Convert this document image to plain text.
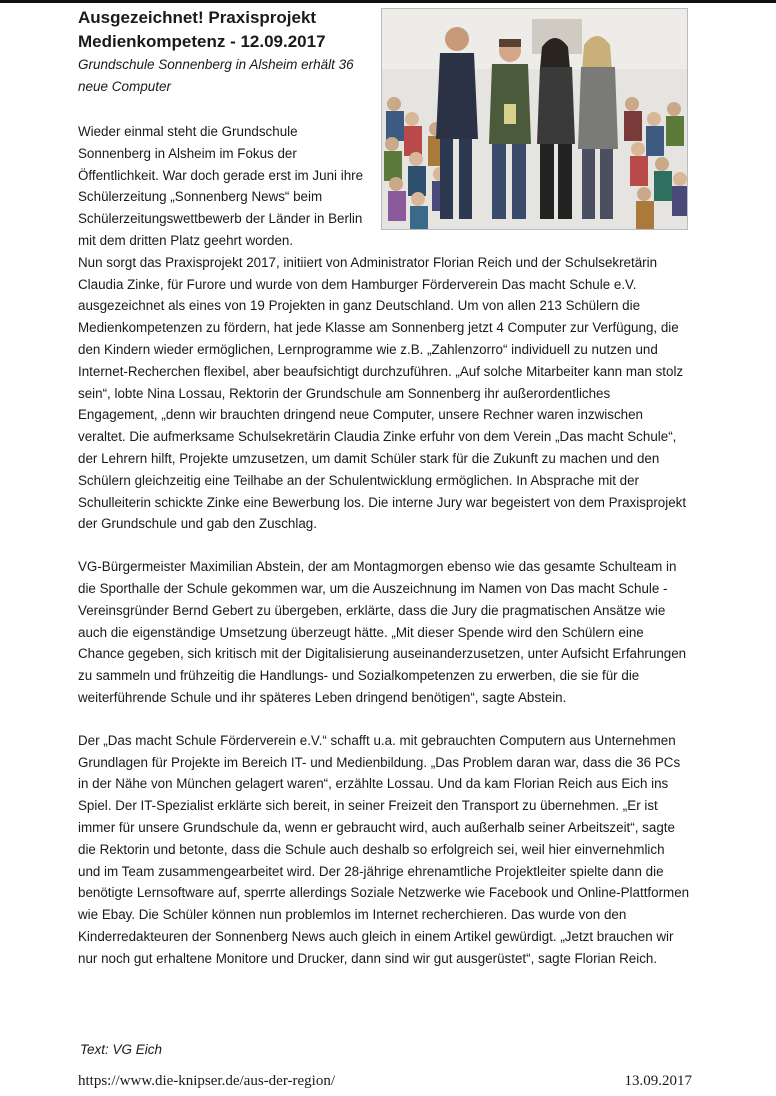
Ausgezeichnet! Praxisprojekt Medienkompetenz - 12.09.2017

Grundschule Sonnenberg in Alsheim erhält 36 neue Computer

Wieder einmal steht die Grundschule Sonnenberg in Alsheim im Fokus der Öffentlichkeit. War doch gerade erst im Juni ihre Schülerzeitung „Sonnenberg News“ beim Schülerzeitungswettbewerb der Länder in Berlin mit dem dritten Platz geehrt worden.

Nun sorgt das Praxisprojekt 2017, initiiert von Administrator Florian Reich und der Schulsekretärin Claudia Zinke, für Furore und wurde von dem Hamburger Förderverein Das macht Schule e.V. ausgezeichnet als eines von 19 Projekten in ganz Deutschland. Um von allen 213 Schülern die Medienkompetenzen zu fördern, hat jede Klasse am Sonnenberg jetzt 4 Computer zur Verfügung, die den Kindern wieder ermöglichen, Lernprogramme wie z.B. „Zahlenzorro“ individuell zu nutzen und Internet-Recherchen flexibel, aber beaufsichtigt durchzuführen. „Auf solche Mitarbeiter kann man stolz sein“, lobte Nina Lossau, Rektorin der Grundschule am Sonnenberg ihr außerordentliches Engagement, „denn wir brauchten dringend neue Computer, unsere Rechner waren inzwischen veraltet. Die aufmerksame Schulsekretärin Claudia Zinke erfuhr von dem Verein „Das macht Schule“, der Lehrern hilft, Projekte umzusetzen, um damit Schüler stark für die Zukunft zu machen und den Schülern gleichzeitig eine Teilhabe an der Schulentwicklung ermöglichen. In Absprache mit der Schulleiterin schickte Zinke eine Bewerbung los. Die interne Jury war begeistert von dem Praxisprojekt der Grundschule und gab den Zuschlag.

VG-Bürgermeister Maximilian Abstein, der am Montagmorgen ebenso wie das gesamte Schulteam in die Sporthalle der Schule gekommen war, um die Auszeichnung im Namen von Das macht Schule -Vereinsgründer Bernd Gebert zu übergeben, erklärte, dass die Jury die pragmatischen Ansätze wie auch die eigenständige Umsetzung überzeugt hätte. „Mit dieser Spende wird den Schülern eine Chance gegeben, sich kritisch mit der Digitalisierung auseinanderzusetzen, unter Aufsicht Erfahrungen zu sammeln und frühzeitig die Handlungs- und Sozialkompetenzen zu erwerben, die sie für die weiterführende Schule und ihr späteres Leben dringend benötigen“, sagte Abstein.

Der „Das macht Schule Förderverein e.V.“ schafft u.a. mit gebrauchten Computern aus Unternehmen Grundlagen für Projekte im Bereich IT- und Medienbildung. „Das Problem daran war, dass die 36 PCs in der Nähe von München gelagert waren“, erzählte Lossau. Und da kam Florian Reich aus Eich ins Spiel. Der IT-Spezialist erklärte sich bereit, in seiner Freizeit den Transport zu übernehmen. „Er ist immer für unsere Grundschule da, wenn er gebraucht wird, auch außerhalb seiner Arbeitszeit“, sagte die Rektorin und betonte, dass die Schule auch deshalb so erfolgreich sei, weil hier einvernehmlich und im Team zusammengearbeitet wird. Der 28-jährige ehrenamtliche Projektleiter spielte dann die benötigte Lernsoftware auf, sperrte allerdings Soziale Netzwerke wie Facebook und Online-Plattformen wie Ebay. Die Schüler können nun problemlos im Internet recherchieren. Das wurde von den Kinderredakteuren der Sonnenberg News auch gleich in einem Artikel gewürdigt. „Jetzt brauchen wir nur noch gut erhaltene Monitore und Drucker, dann sind wir gut ausgerüstet“, sagte Florian Reich.

Text: VG Eich
https://www.die-knipser.de/aus-der-region/	13.09.2017
